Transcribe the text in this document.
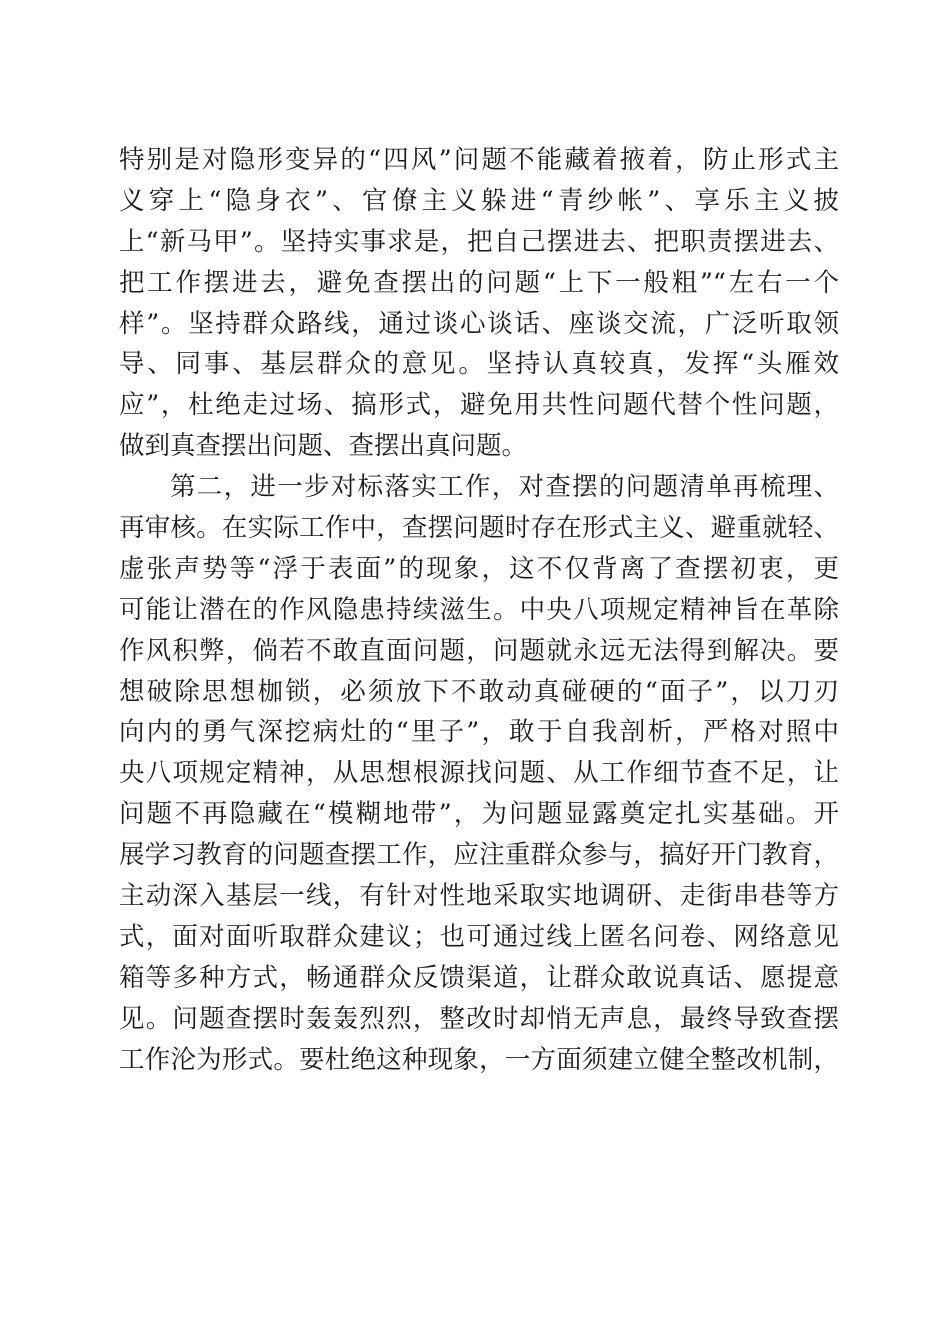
特别是对隐形变异的“四风”问题不能藏着掖着，防止形式主
义穿上“隐身衣”、官僚主义躲进“青纱帐”、享乐主义披
上“新马甲”。坚持实事求是，把自己摆进去、把职责摆进去、
把工作摆进去，避免查摆出的问题“上下一般粗”“左右一个
样”。坚持群众路线，通过谈心谈话、座谈交流，广泛听取领
导、同事、基层群众的意见。坚持认真较真，发挥“头雁效
应”，杜绝走过场、搞形式，避免用共性问题代替个性问题，
做到真查摆出问题、查摆出真问题。
第二，进一步对标落实工作，对查摆的问题清单再梳理、
再审核。在实际工作中，查摆问题时存在形式主义、避重就轻、
虚张声势等“浮于表面”的现象，这不仅背离了查摆初衷，更
可能让潜在的作风隐患持续滋生。中央八项规定精神旨在革除
作风积弊，倘若不敢直面问题，问题就永远无法得到解决。要
想破除思想枷锁，必须放下不敢动真碰硬的“面子”，以刀刃
向内的勇气深挖病灶的“里子”，敢于自我剖析，严格对照中
央八项规定精神，从思想根源找问题、从工作细节查不足，让
问题不再隐藏在“模糊地带”，为问题显露奠定扎实基础。开
展学习教育的问题查摆工作，应注重群众参与，搞好开门教育，
主动深入基层一线，有针对性地采取实地调研、走街串巷等方
式，面对面听取群众建议；也可通过线上匿名问卷、网络意见
箱等多种方式，畅通群众反馈渠道，让群众敢说真话、愿提意
见。问题查摆时轰轰烈烈，整改时却悄无声息，最终导致查摆
工作沦为形式。要杜绝这种现象，一方面须建立健全整改机制，
